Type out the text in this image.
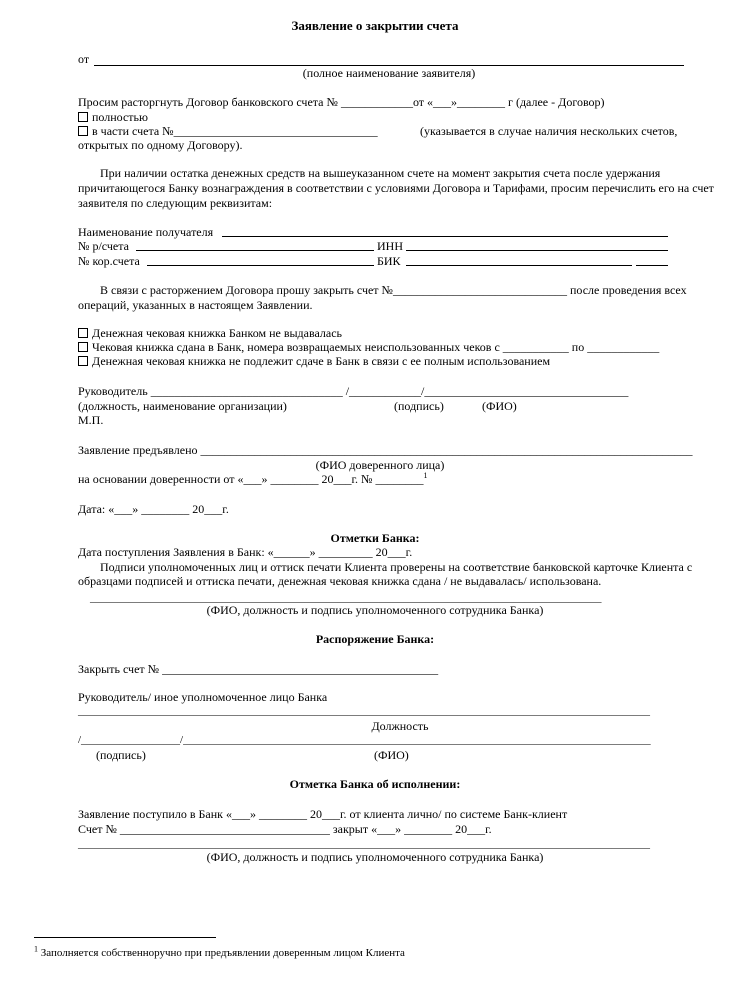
Заявление о закрытии счета
от
(полное наименование заявителя)
Просим расторгнуть Договор банковского счета № ____________от «___»________ г (далее - Договор)
полностью
в части счета №__________________________________	(указывается в случае наличия нескольких счетов,
открытых по одному Договору).
При наличии остатка денежных средств на вышеуказанном счете на момент закрытия счета после удержания
причитающегося Банку вознаграждения в соответствии с условиями Договора и Тарифами, просим перечислить его на счет
заявителя по следующим реквизитам:
Наименование получателя
№ р/счета	ИНН
№ кор.счета	БИК
В связи с расторжением Договора прошу закрыть счет №_____________________________ после проведения всех
операций, указанных в настоящем Заявлении.
Денежная чековая книжка Банком не выдавалась
Чековая книжка сдана в Банк, номера возвращаемых неиспользованных чеков с ___________ по ____________
Денежная чековая книжка не подлежит сдаче в Банк в связи с ее полным использованием
Руководитель ________________________________ /____________/__________________________________
(должность, наименование организации)	(подпись)	(ФИО)
М.П.
Заявление предъявлено __________________________________________________________________________________
(ФИО доверенного лица)
на основании доверенности от «___» ________ 20___г. № ________$^1$
Дата: «___» ________ 20___г.
Отметки Банка:
Дата поступления Заявления в Банк: «______» _________ 20___г.
Подписи уполномоченных лиц и оттиск печати Клиента проверены на соответствие банковской карточке Клиента с
образцами подписей и оттиска печати, денежная чековая книжка сдана / не выдавалась/ использована.
_____________________________________________________________________________________________
(ФИО, должность и подпись уполномоченного сотрудника Банка)
Распоряжение Банка:
Закрыть счет № ______________________________________________
Руководитель/ иное уполномоченное лицо Банка
________________________________________________________________________________________________________
Должность
/__________________/_____________________________________________________________________________________
(подпись)	(ФИО)
Отметка Банка об исполнении:
Заявление поступило в Банк «___» ________ 20___г. от клиента лично/ по системе Банк-клиент
Счет № ___________________________________ закрыт «___» ________ 20___г.
________________________________________________________________________________________________________
(ФИО, должность и подпись уполномоченного сотрудника Банка)
$^1$ Заполняется собственноручно при предъявлении доверенным лицом Клиента
